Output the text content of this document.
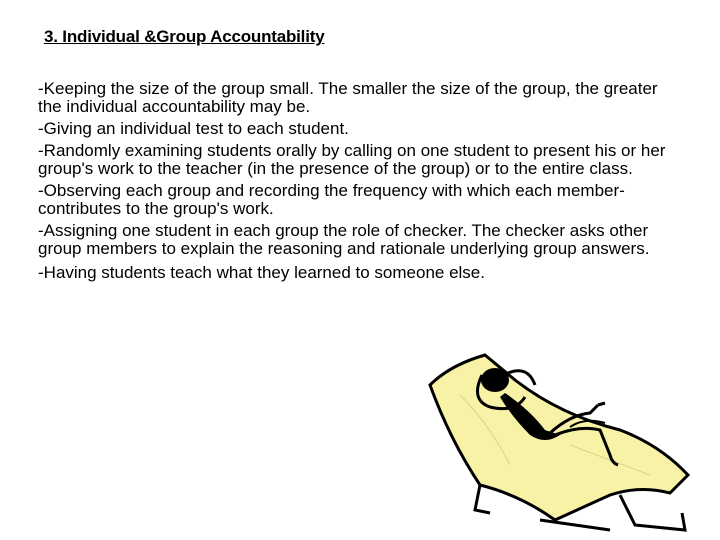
3. Individual &Group Accountability

-Keeping the size of the group small. The smaller the size of the group, the greater the individual accountability may be.

-Giving an individual test to each student.

-Randomly examining students orally by calling on one student to present his or her group's work to the teacher (in the presence of the group) or to the entire class.

-Observing each group and recording the frequency with which each member-contributes to the group's work.

-Assigning one student in each group the role of checker. The checker asks other group members to explain the reasoning and rationale underlying group answers.

-Having students teach what they learned to someone else.
